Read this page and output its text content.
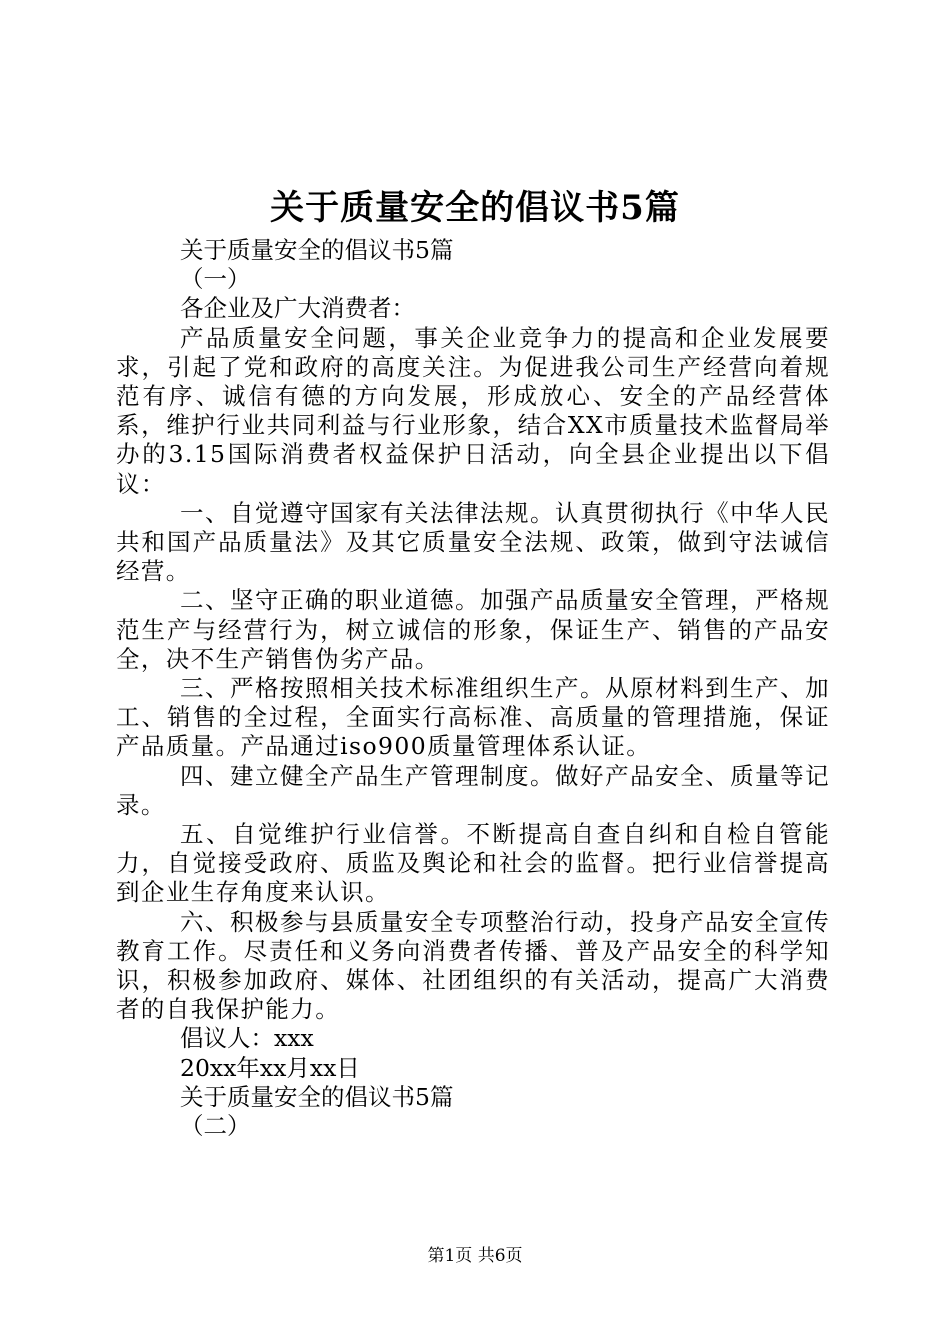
关于质量安全的倡议书5篇
关于质量安全的倡议书5篇
（一）
各企业及广大消费者：
产品质量安全问题，事关企业竞争力的提高和企业发展要求，引起了党和政府的高度关注。为促进我公司生产经营向着规范有序、诚信有德的方向发展，形成放心、安全的产品经营体系，维护行业共同利益与行业形象，结合XX市质量技术监督局举办的3.15国际消费者权益保护日活动，向全县企业提出以下倡议：
一、自觉遵守国家有关法律法规。认真贯彻执行《中华人民共和国产品质量法》及其它质量安全法规、政策，做到守法诚信经营。
二、坚守正确的职业道德。加强产品质量安全管理，严格规范生产与经营行为，树立诚信的形象，保证生产、销售的产品安全，决不生产销售伪劣产品。
三、严格按照相关技术标准组织生产。从原材料到生产、加工、销售的全过程，全面实行高标准、高质量的管理措施，保证产品质量。产品通过iso900质量管理体系认证。
四、建立健全产品生产管理制度。做好产品安全、质量等记录。
五、自觉维护行业信誉。不断提高自查自纠和自检自管能力，自觉接受政府、质监及舆论和社会的监督。把行业信誉提高到企业生存角度来认识。
六、积极参与县质量安全专项整治行动，投身产品安全宣传教育工作。尽责任和义务向消费者传播、普及产品安全的科学知识，积极参加政府、媒体、社团组织的有关活动，提高广大消费者的自我保护能力。
倡议人：xxx
20xx年xx月xx日
关于质量安全的倡议书5篇
（二）
第1页 共6页
